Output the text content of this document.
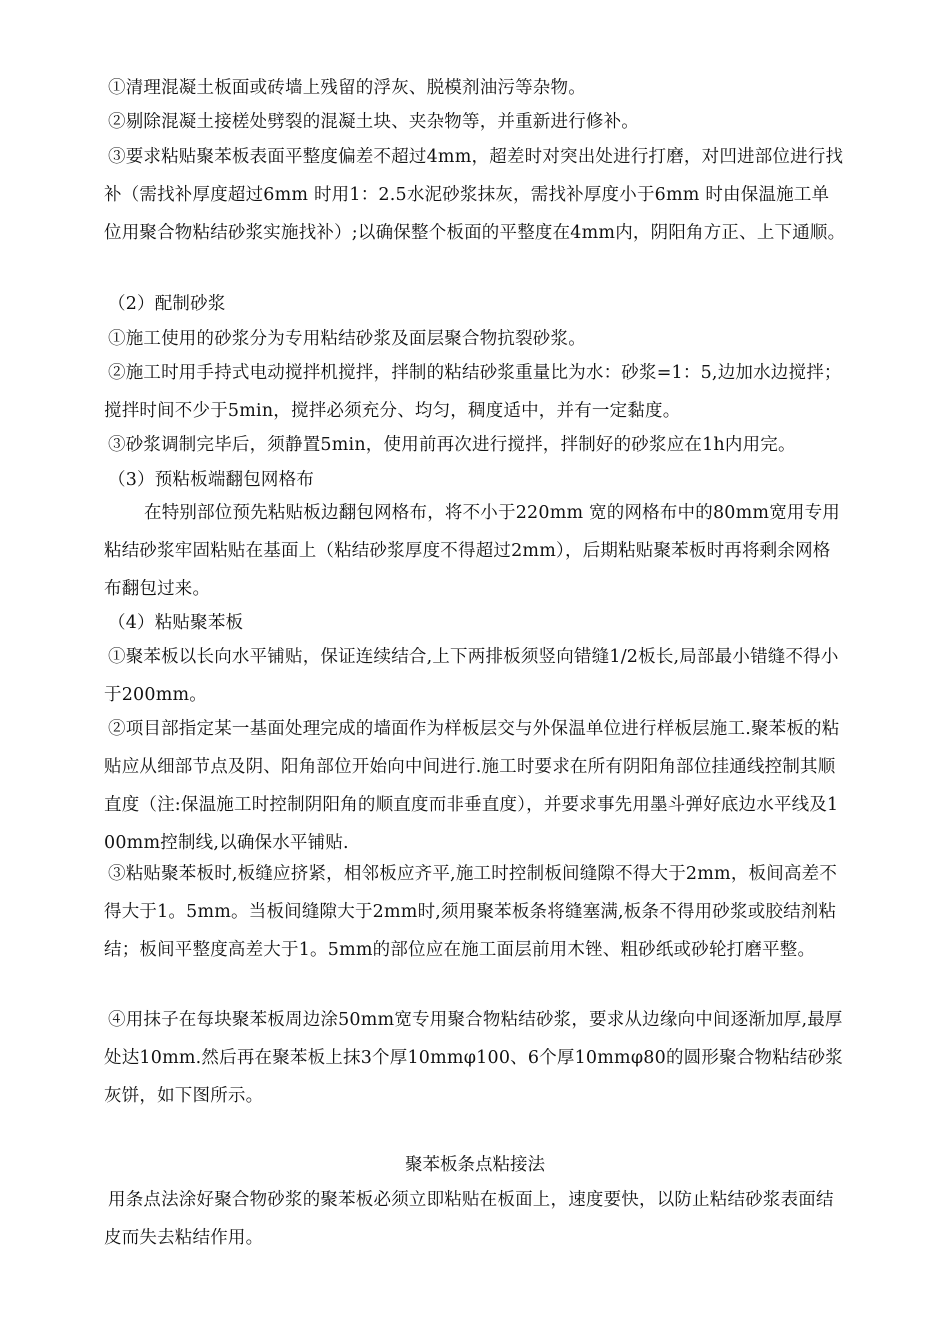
①清理混凝土板面或砖墙上残留的浮灰、脱模剂油污等杂物。

②剔除混凝土接槎处劈裂的混凝土块、夹杂物等，并重新进行修补。

③要求粘贴聚苯板表面平整度偏差不超过4mm，超差时对突出处进行打磨，对凹进部位进行找补（需找补厚度超过6mm 时用1：2.5水泥砂浆抹灰，需找补厚度小于6mm 时由保温施工单位用聚合物粘结砂浆实施找补）;以确保整个板面的平整度在4mm内，阴阳角方正、上下通顺。

（2）配制砂浆

①施工使用的砂浆分为专用粘结砂浆及面层聚合物抗裂砂浆。

②施工时用手持式电动搅拌机搅拌，拌制的粘结砂浆重量比为水：砂浆=1：5,边加水边搅拌；搅拌时间不少于5min，搅拌必须充分、均匀，稠度适中，并有一定黏度。

③砂浆调制完毕后，须静置5min，使用前再次进行搅拌，拌制好的砂浆应在1h内用完。

（3）预粘板端翻包网格布

在特别部位预先粘贴板边翻包网格布，将不小于220mm 宽的网格布中的80mm宽用专用粘结砂浆牢固粘贴在基面上（粘结砂浆厚度不得超过2mm），后期粘贴聚苯板时再将剩余网格布翻包过来。

（4）粘贴聚苯板

①聚苯板以长向水平铺贴，保证连续结合,上下两排板须竖向错缝1/2板长,局部最小错缝不得小于200mm。

②项目部指定某一基面处理完成的墙面作为样板层交与外保温单位进行样板层施工.聚苯板的粘贴应从细部节点及阴、阳角部位开始向中间进行.施工时要求在所有阴阳角部位挂通线控制其顺直度（注:保温施工时控制阴阳角的顺直度而非垂直度），并要求事先用墨斗弹好底边水平线及100mm控制线,以确保水平铺贴.

③粘贴聚苯板时,板缝应挤紧，相邻板应齐平,施工时控制板间缝隙不得大于2mm，板间高差不得大于1。5mm。当板间缝隙大于2mm时,须用聚苯板条将缝塞满,板条不得用砂浆或胶结剂粘结；板间平整度高差大于1。5mm的部位应在施工面层前用木锉、粗砂纸或砂轮打磨平整。

④用抹子在每块聚苯板周边涂50mm宽专用聚合物粘结砂浆，要求从边缘向中间逐渐加厚,最厚处达10mm.然后再在聚苯板上抹3个厚10mmφ100、6个厚10mmφ80的圆形聚合物粘结砂浆灰饼，如下图所示。

聚苯板条点粘接法

用条点法涂好聚合物砂浆的聚苯板必须立即粘贴在板面上，速度要快，以防止粘结砂浆表面结皮而失去粘结作用。
